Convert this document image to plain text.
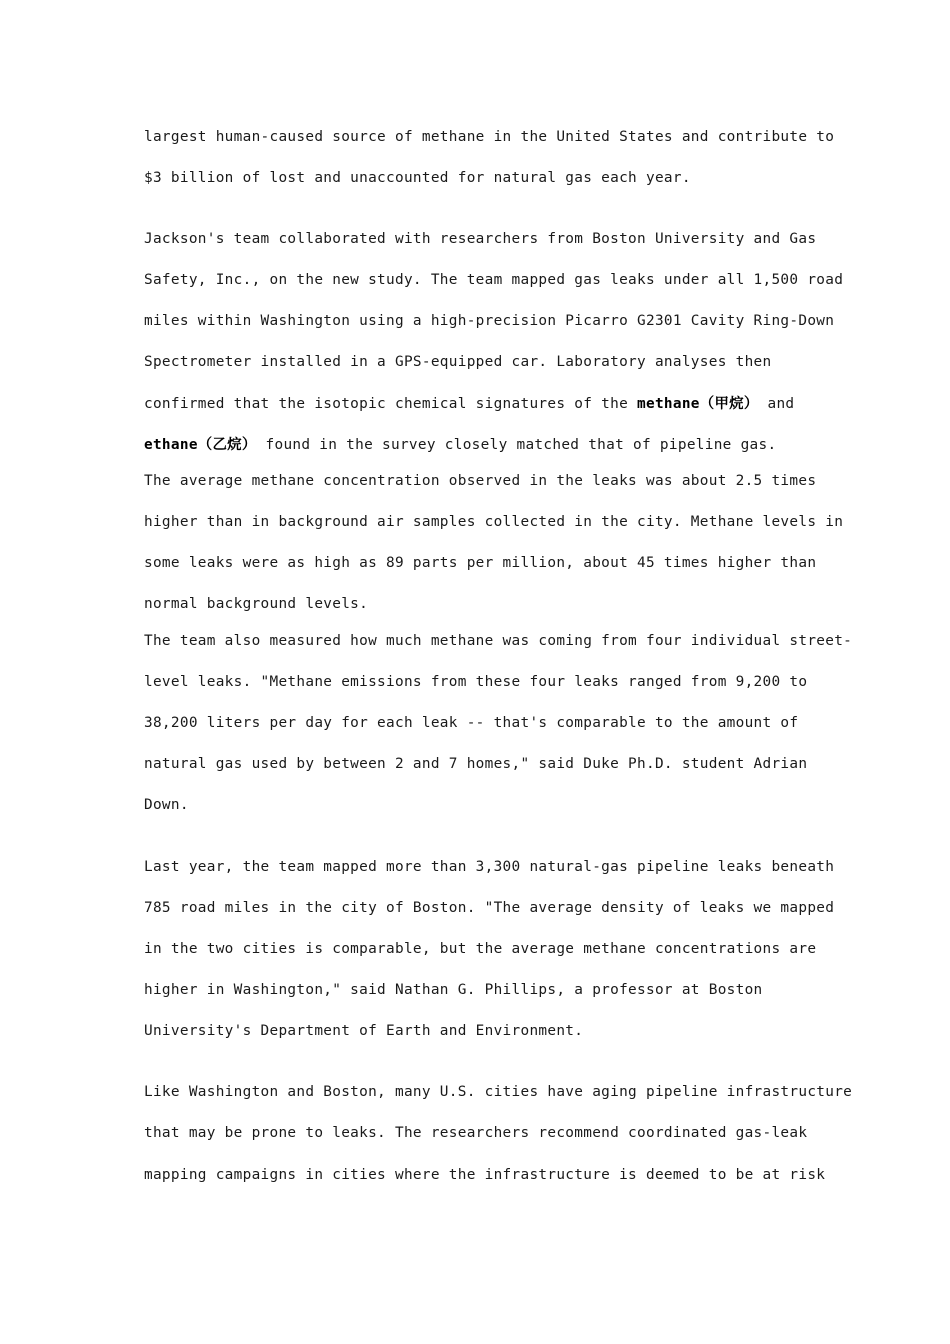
largest human-caused source of methane in the United States and contribute to
$3 billion of lost and unaccounted for natural gas each year.
Jackson's team collaborated with researchers from Boston University and Gas
Safety, Inc., on the new study. The team mapped gas leaks under all 1,500 road
miles within Washington using a high-precision Picarro G2301 Cavity Ring-Down
Spectrometer installed in a GPS-equipped car. Laboratory analyses then
confirmed that the isotopic chemical signatures of the methane（甲烷） and
ethane（乙烷） found in the survey closely matched that of pipeline gas.
The average methane concentration observed in the leaks was about 2.5 times
higher than in background air samples collected in the city. Methane levels in
some leaks were as high as 89 parts per million, about 45 times higher than
normal background levels.
The team also measured how much methane was coming from four individual street-
level leaks. "Methane emissions from these four leaks ranged from 9,200 to
38,200 liters per day for each leak -- that's comparable to the amount of
natural gas used by between 2 and 7 homes," said Duke Ph.D. student Adrian
Down.
Last year, the team mapped more than 3,300 natural-gas pipeline leaks beneath
785 road miles in the city of Boston. "The average density of leaks we mapped
in the two cities is comparable, but the average methane concentrations are
higher in Washington," said Nathan G. Phillips, a professor at Boston
University's Department of Earth and Environment.
Like Washington and Boston, many U.S. cities have aging pipeline infrastructure
that may be prone to leaks. The researchers recommend coordinated gas-leak
mapping campaigns in cities where the infrastructure is deemed to be at risk
